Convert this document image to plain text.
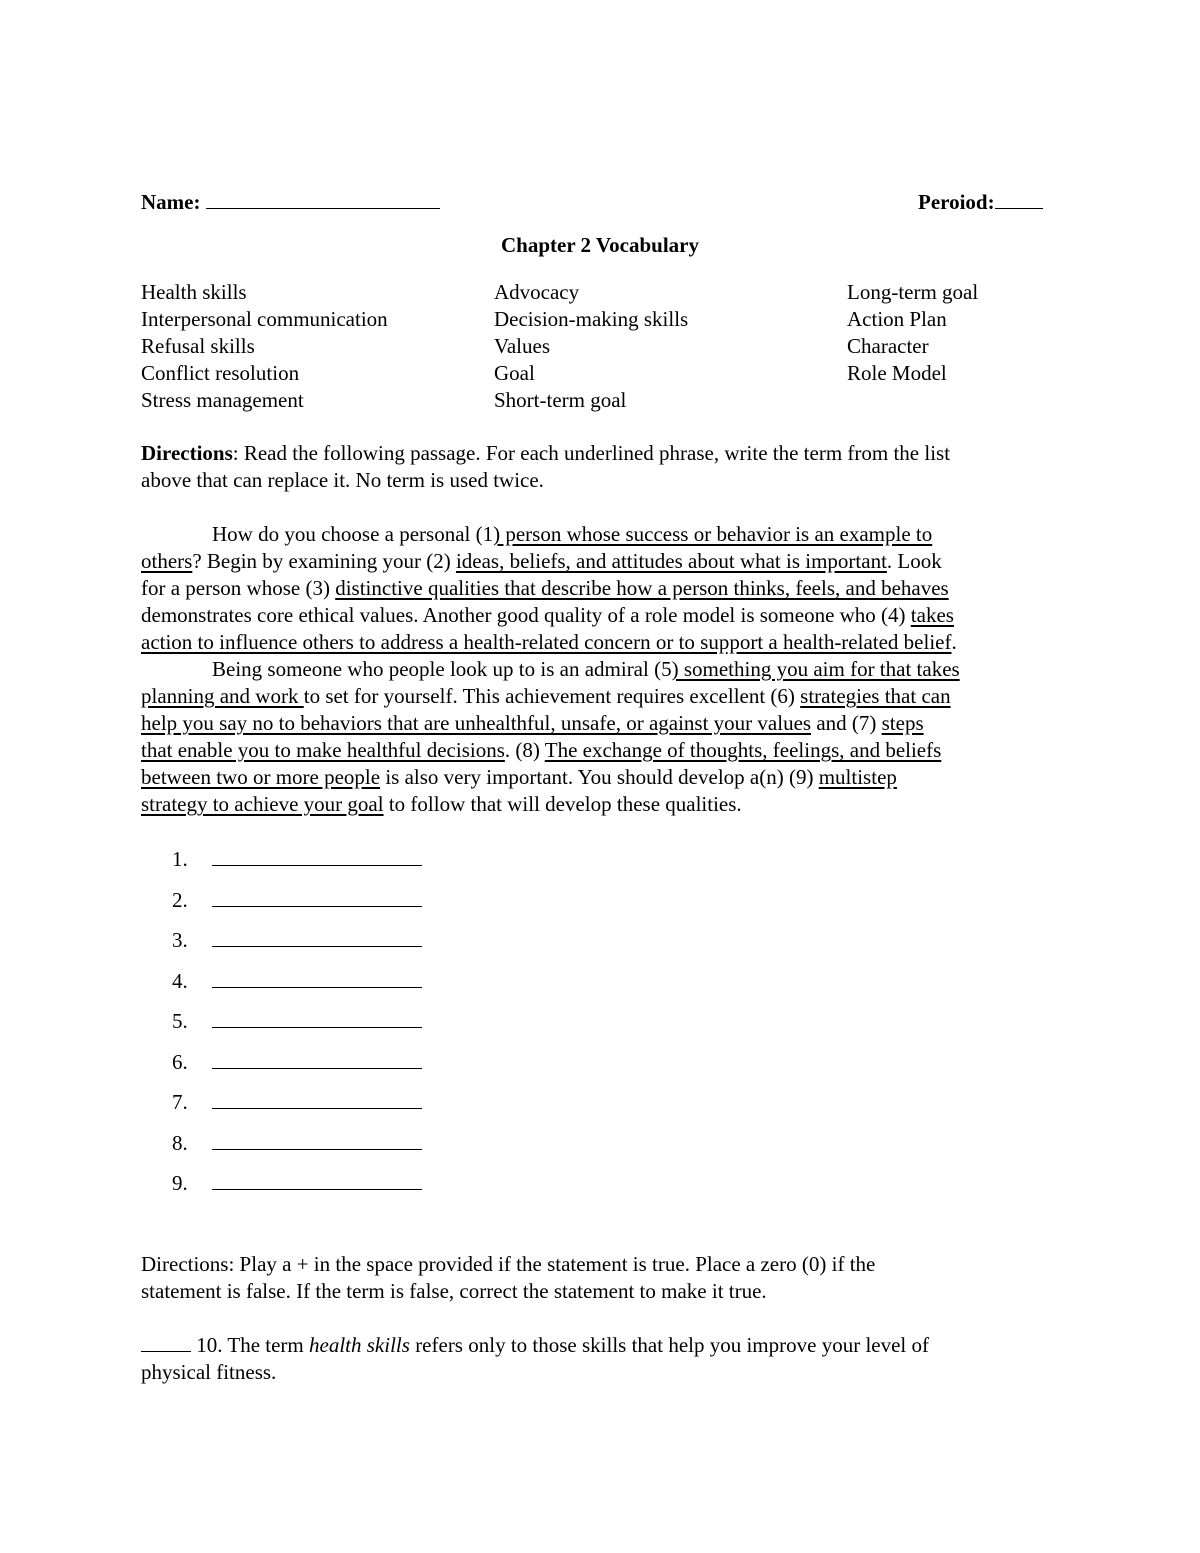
Name:	Peroiod:
Chapter 2 Vocabulary
Health skills
Interpersonal communication
Refusal skills
Conflict resolution
Stress management
Advocacy
Decision-making skills
Values
Goal
Short-term goal
Long-term goal
Action Plan
Character
Role Model
Directions: Read the following passage. For each underlined phrase, write the term from the list
above that can replace it. No term is used twice.
How do you choose a personal (1) person whose success or behavior is an example to
others? Begin by examining your (2) ideas, beliefs, and attitudes about what is important. Look
for a person whose (3) distinctive qualities that describe how a person thinks, feels, and behaves
demonstrates core ethical values. Another good quality of a role model is someone who (4) takes
action to influence others to address a health-related concern or to support a health-related belief.
Being someone who people look up to is an admiral (5) something you aim for that takes
planning and work to set for yourself. This achievement requires excellent (6) strategies that can
help you say no to behaviors that are unhealthful, unsafe, or against your values and (7) steps
that enable you to make healthful decisions. (8) The exchange of thoughts, feelings, and beliefs
between two or more people is also very important. You should develop a(n) (9) multistep
strategy to achieve your goal to follow that will develop these qualities.
1.
2.
3.
4.
5.
6.
7.
8.
9.
Directions: Play a + in the space provided if the statement is true. Place a zero (0) if the
statement is false. If the term is false, correct the statement to make it true.
10. The term health skills refers only to those skills that help you improve your level of
physical fitness.
